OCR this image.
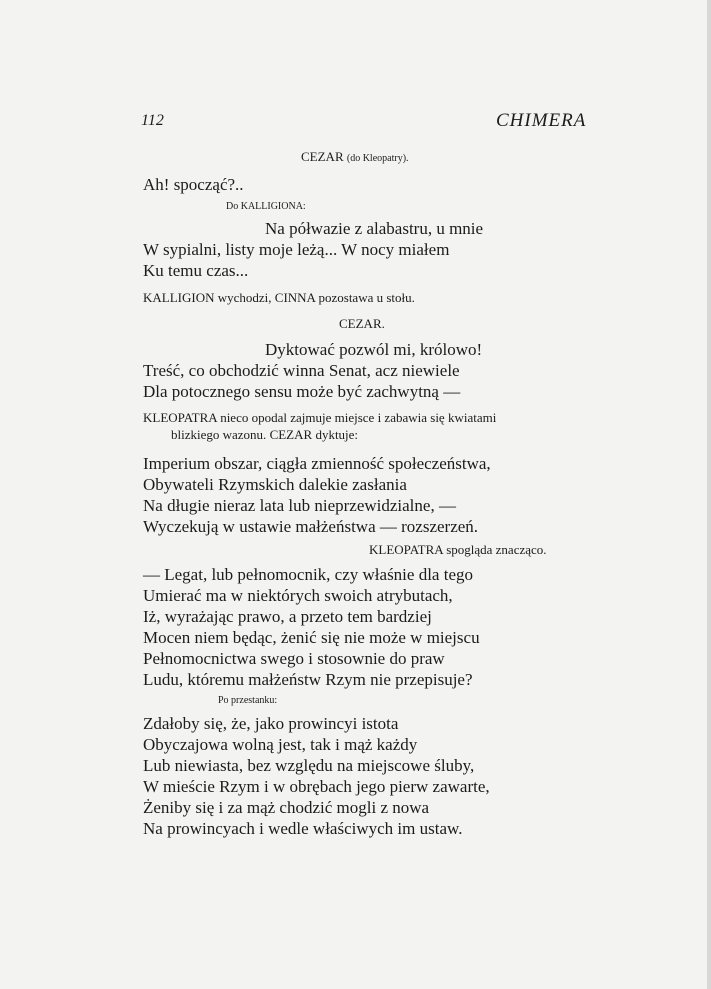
112	CHIMERA
CEZAR (do Kleopatry).
Ah! spocząć?..
Do KALLIGIONA:
Na półwazie z alabastru, u mnie
W sypialni, listy moje leżą... W nocy miałem
Ku temu czas...
KALLIGION wychodzi, CINNA pozostawa u stołu.
CEZAR.
Dyktować pozwól mi, królowo!
Treść, co obchodzić winna Senat, acz niewiele
Dla potocznego sensu może być zachwytną —
KLEOPATRA nieco opodal zajmuje miejsce i zabawia się kwiatami
blizkiego wazonu. CEZAR dyktuje:
Imperium obszar, ciągła zmienność społeczeństwa,
Obywateli Rzymskich dalekie zasłania
Na długie nieraz lata lub nieprzewidzialne, —
Wyczekują w ustawie małżeństwa — rozszerzeń.
KLEOPATRA spogląda znacząco.
— Legat, lub pełnomocnik, czy właśnie dla tego
Umierać ma w niektórych swoich atrybutach,
Iż, wyrażając prawo, a przeto tem bardziej
Mocen niem będąc, żenić się nie może w miejscu
Pełnomocnictwa swego i stosownie do praw
Ludu, któremu małżeństw Rzym nie przepisuje?
Po przestanku:
Zdałoby się, że, jako prowincyi istota
Obyczajowa wolną jest, tak i mąż każdy
Lub niewiasta, bez względu na miejscowe śluby,
W mieście Rzym i w obrębach jego pierw zawarte,
Żeniby się i za mąż chodzić mogli z nowa
Na prowincyach i wedle właściwych im ustaw.
